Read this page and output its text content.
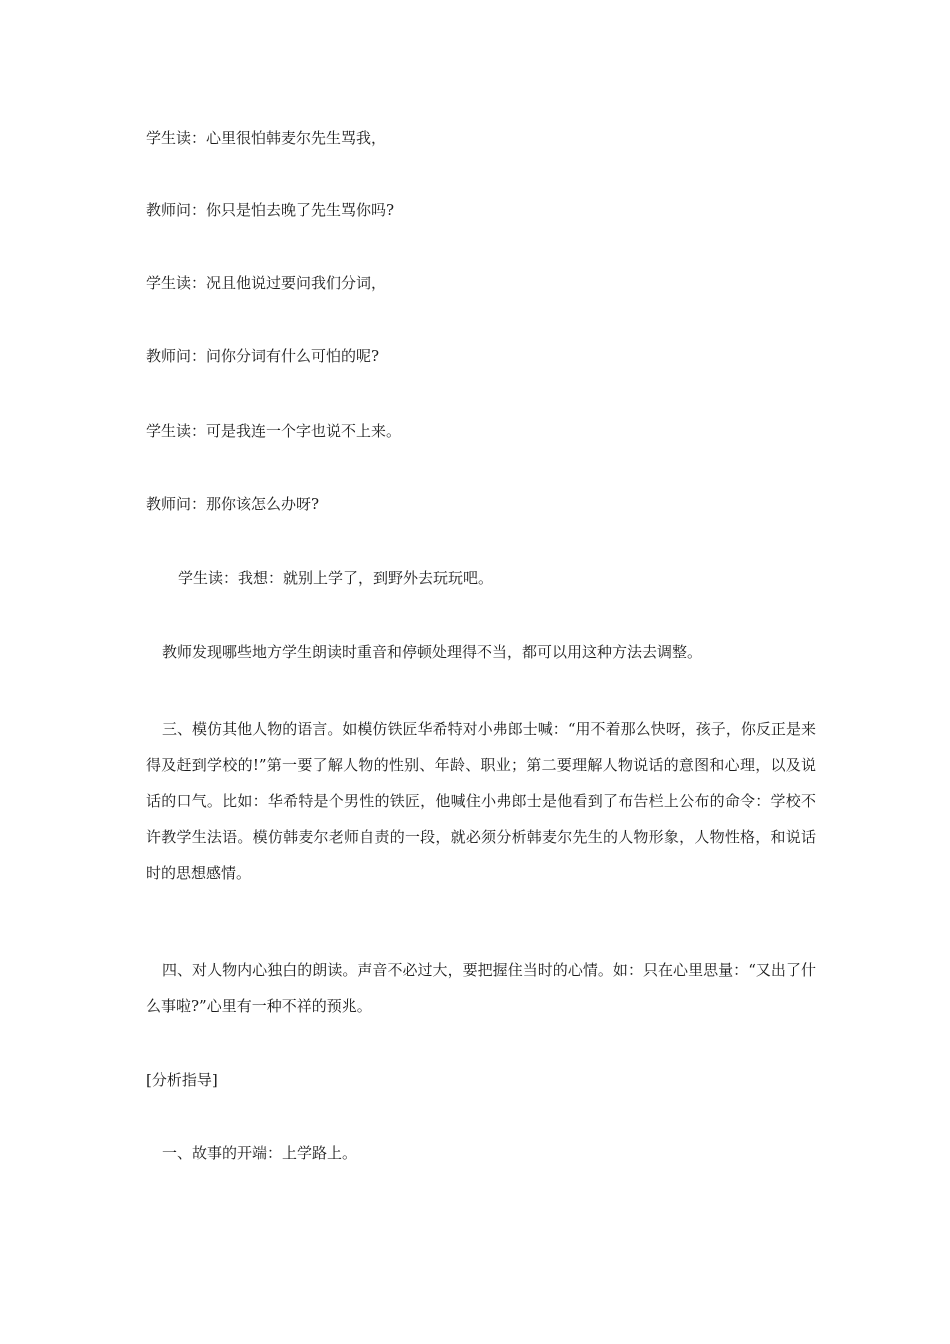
学生读：心里很怕韩麦尔先生骂我，
教师问：你只是怕去晚了先生骂你吗?
学生读：况且他说过要问我们分词，
教师问：问你分词有什么可怕的呢?
学生读：可是我连一个字也说不上来。
教师问：那你该怎么办呀?
学生读：我想：就别上学了，到野外去玩玩吧。
教师发现哪些地方学生朗读时重音和停顿处理得不当，都可以用这种方法去调整。
三、模仿其他人物的语言。如模仿铁匠华希特对小弗郎士喊：“用不着那么快呀，孩子，你反正是来得及赶到学校的!”第一要了解人物的性别、年龄、职业；第二要理解人物说话的意图和心理，以及说话的口气。比如：华希特是个男性的铁匠，他喊住小弗郎士是他看到了布告栏上公布的命令：学校不许教学生法语。模仿韩麦尔老师自责的一段，就必须分析韩麦尔先生的人物形象，人物性格，和说话时的思想感情。
四、对人物内心独白的朗读。声音不必过大，要把握住当时的心情。如：只在心里思量：“又出了什么事啦?”心里有一种不祥的预兆。
[分析指导]
一、故事的开端：上学路上。
